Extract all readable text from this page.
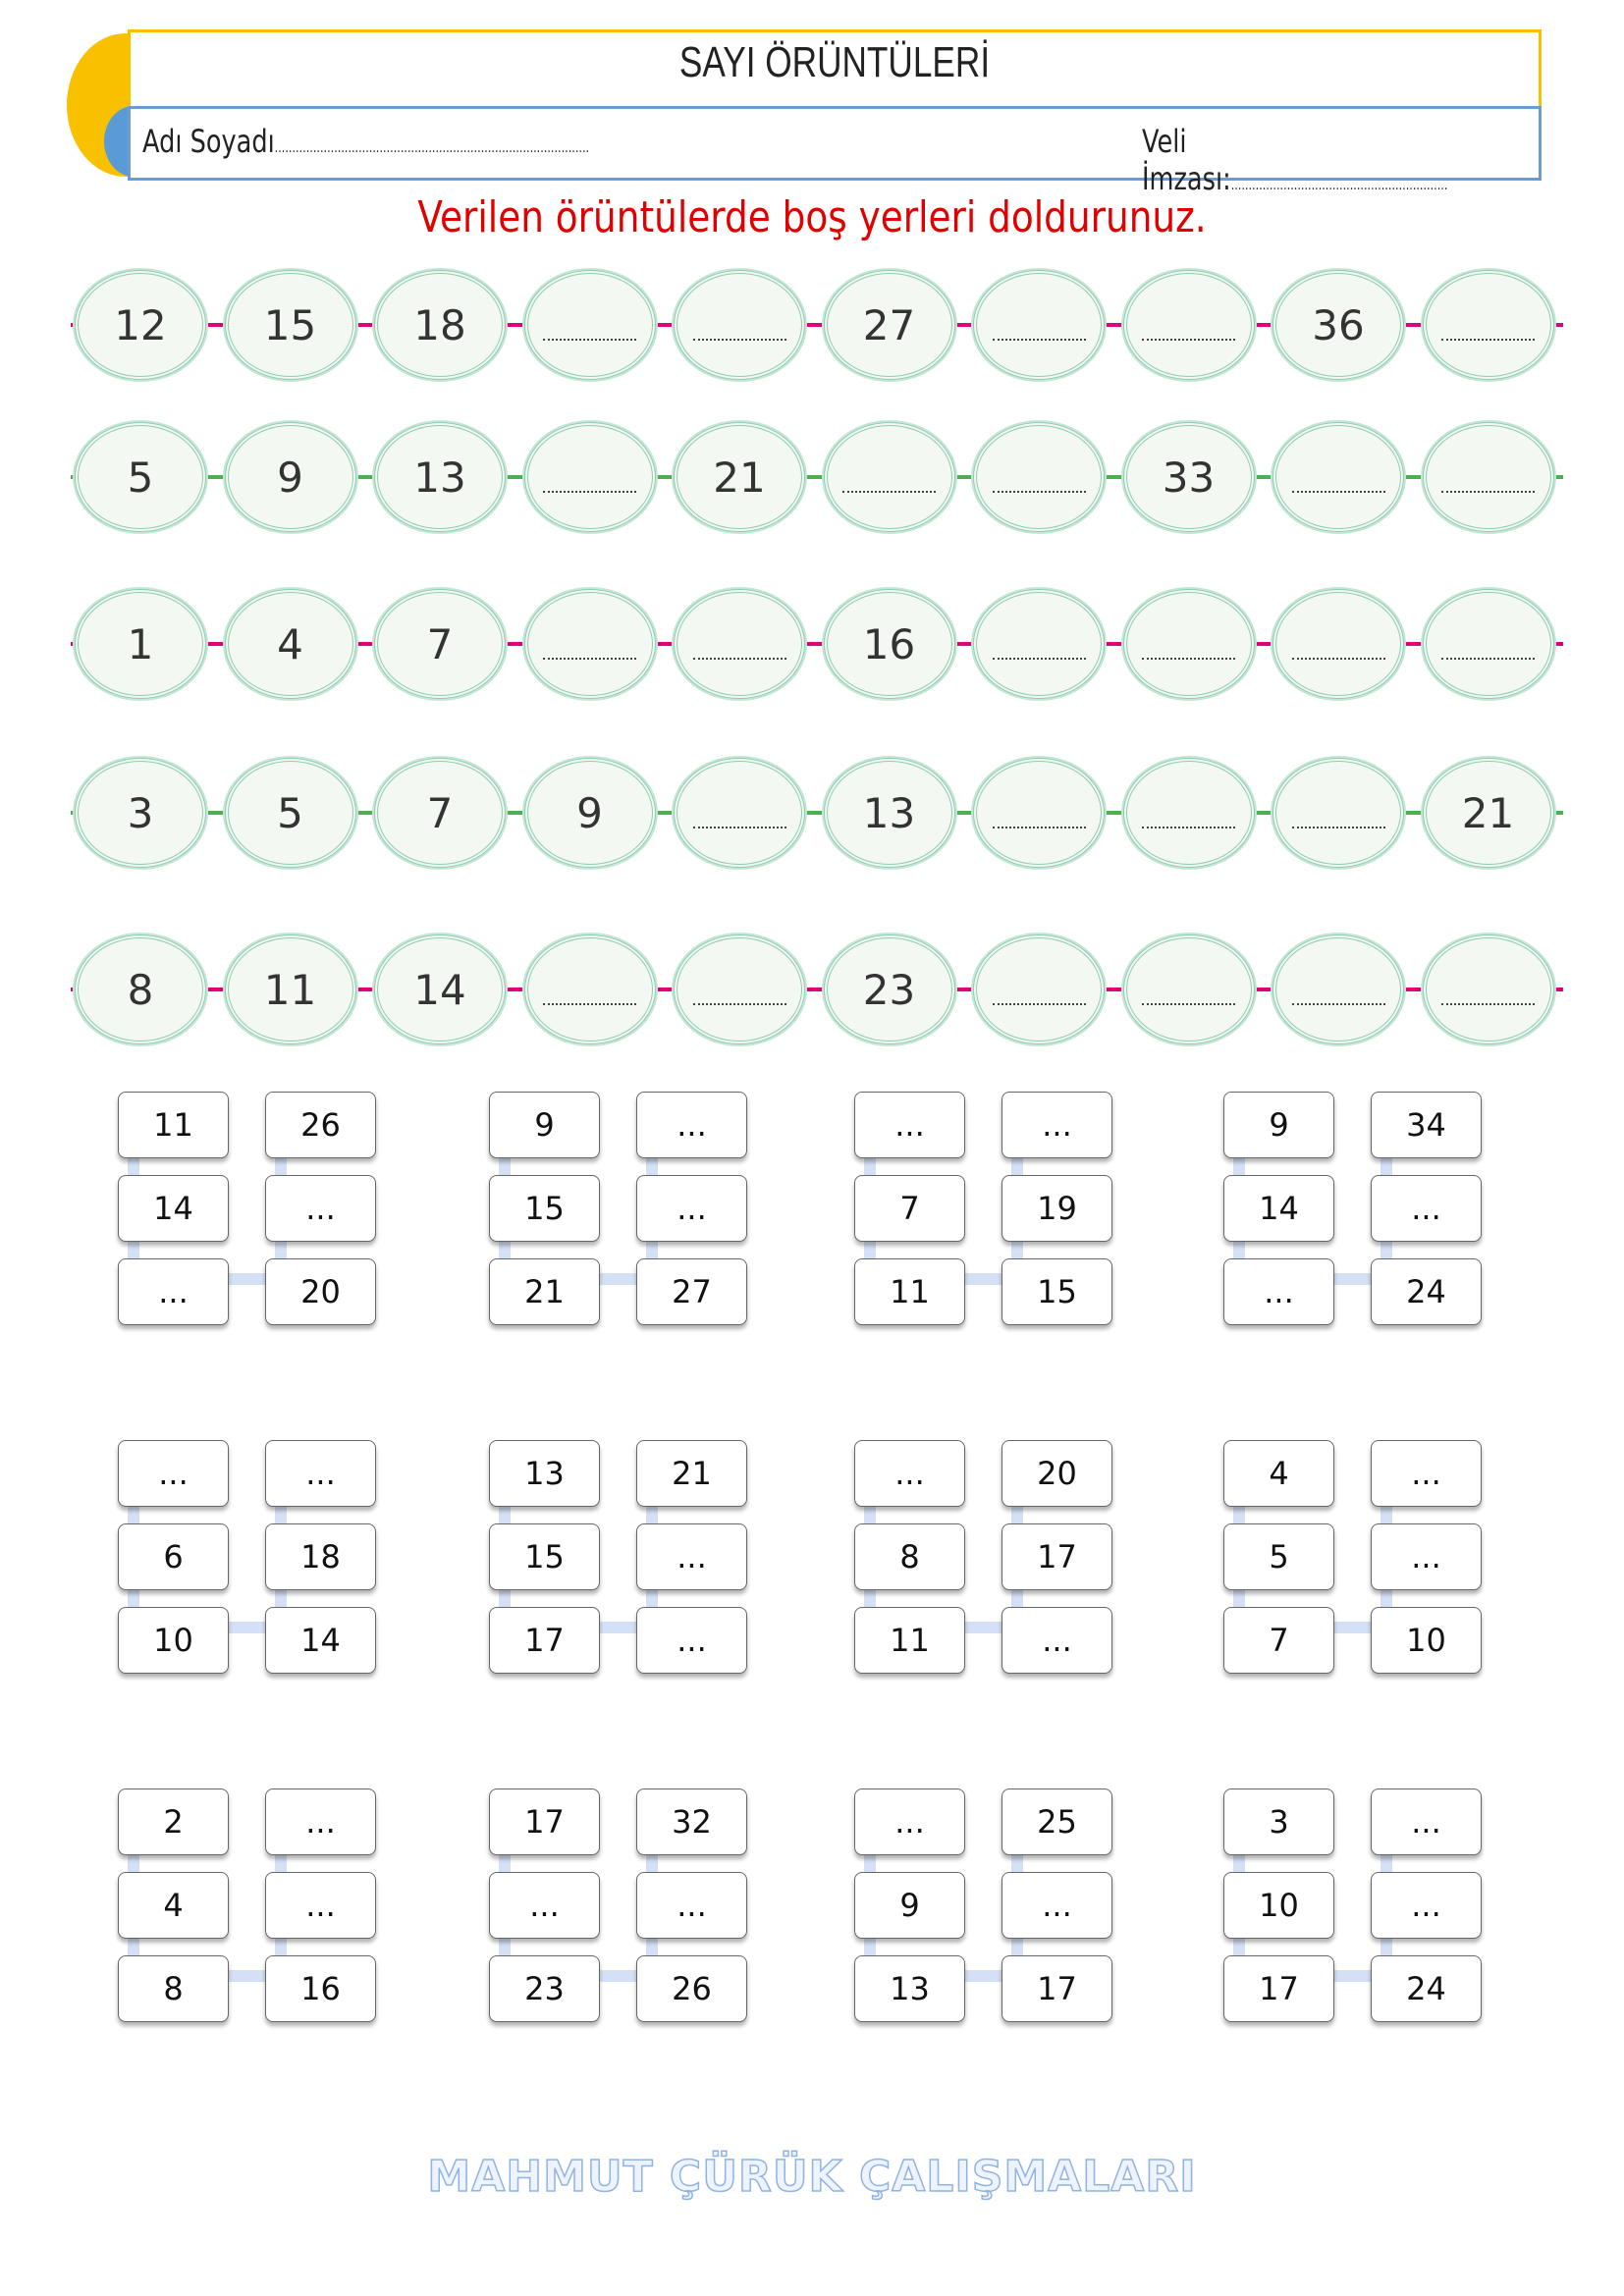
SAYI ÖRÜNTÜLERİ
Adı Soyadı..........................................................................................	Veli İmzası:..............................................................
Verilen örüntülerde boş yerleri doldurunuz.
12	15	18	27	36
5	9	13	21	33
1	4	7	16
3	5	7	9	13	21
8	11	14	23
11	26
14	...
...	20
9	...
15	...
21	27
...	...
7	19
11	15
9	34
14	...
...	24
...	...
6	18
10	14
13	21
15	...
17	...
...	20
8	17
11	...
4	...
5	...
7	10
2	...
4	...
8	16
17	32
...	...
23	26
...	25
9	...
13	17
3	...
10	...
17	24
MAHMUT ÇÜRÜK ÇALIŞMALARI
